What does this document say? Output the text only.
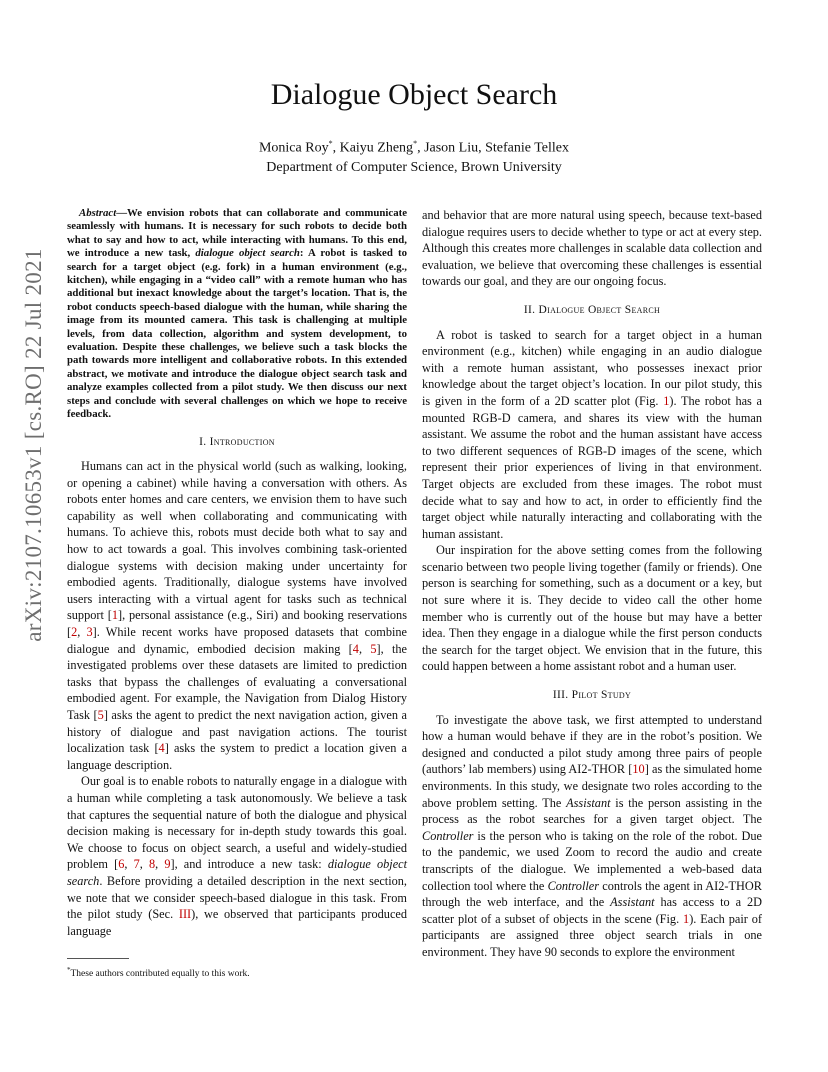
arXiv:2107.10653v1 [cs.RO] 22 Jul 2021
Dialogue Object Search
Monica Roy*, Kaiyu Zheng*, Jason Liu, Stefanie Tellex
Department of Computer Science, Brown University

Abstract—We envision robots that can collaborate and communicate seamlessly with humans. It is necessary for such robots to decide both what to say and how to act, while interacting with humans. To this end, we introduce a new task, dialogue object search: A robot is tasked to search for a target object (e.g. fork) in a human environment (e.g., kitchen), while engaging in a “video call” with a remote human who has additional but inexact knowledge about the target’s location. That is, the robot conducts speech-based dialogue with the human, while sharing the image from its mounted camera. This task is challenging at multiple levels, from data collection, algorithm and system development, to evaluation. Despite these challenges, we believe such a task blocks the path towards more intelligent and collaborative robots. In this extended abstract, we motivate and introduce the dialogue object search task and analyze examples collected from a pilot study. We then discuss our next steps and conclude with several challenges on which we hope to receive feedback.

I. Introduction

Humans can act in the physical world (such as walking, looking, or opening a cabinet) while having a conversation with others. As robots enter homes and care centers, we envision them to have such capability as well when collaborating and communicating with humans. To achieve this, robots must decide both what to say and how to act towards a goal. This involves combining task-oriented dialogue systems with decision making under uncertainty for embodied agents. Traditionally, dialogue systems have involved users interacting with a virtual agent for tasks such as technical support [1], personal assistance (e.g., Siri) and booking reservations [2, 3]. While recent works have proposed datasets that combine dialogue and dynamic, embodied decision making [4, 5], the investigated problems over these datasets are limited to prediction tasks that bypass the challenges of evaluating a conversational embodied agent. For example, the Navigation from Dialog History Task [5] asks the agent to predict the next navigation action, given a history of dialogue and past navigation actions. The tourist localization task [4] asks the system to predict a location given a language description.

Our goal is to enable robots to naturally engage in a dialogue with a human while completing a task autonomously. We believe a task that captures the sequential nature of both the dialogue and physical decision making is necessary for in-depth study towards this goal. We choose to focus on object search, a useful and widely-studied problem [6, 7, 8, 9], and introduce a new task: dialogue object search. Before providing a detailed description in the next section, we note that we consider speech-based dialogue in this task. From the pilot study (Sec. III), we observed that participants produced language

*These authors contributed equally to this work.

and behavior that are more natural using speech, because text-based dialogue requires users to decide whether to type or act at every step. Although this creates more challenges in scalable data collection and evaluation, we believe that overcoming these challenges is essential towards our goal, and they are our ongoing focus.

II. Dialogue Object Search

A robot is tasked to search for a target object in a human environment (e.g., kitchen) while engaging in an audio dialogue with a remote human assistant, who possesses inexact prior knowledge about the target object’s location. In our pilot study, this is given in the form of a 2D scatter plot (Fig. 1). The robot has a mounted RGB-D camera, and shares its view with the human assistant. We assume the robot and the human assistant have access to two different sequences of RGB-D images of the scene, which represent their prior experiences of living in that environment. Target objects are excluded from these images. The robot must decide what to say and how to act, in order to efficiently find the target object while naturally interacting and collaborating with the human assistant.

Our inspiration for the above setting comes from the following scenario between two people living together (family or friends). One person is searching for something, such as a document or a key, but not sure where it is. They decide to video call the other home member who is currently out of the house but may have a better idea. Then they engage in a dialogue while the first person conducts the search for the target object. We envision that in the future, this could happen between a home assistant robot and a human user.

III. Pilot Study

To investigate the above task, we first attempted to understand how a human would behave if they are in the robot’s position. We designed and conducted a pilot study among three pairs of people (authors’ lab members) using AI2-THOR [10] as the simulated home environments. In this study, we designate two roles according to the above problem setting. The Assistant is the person assisting in the process as the robot searches for a given target object. The Controller is the person who is taking on the role of the robot. Due to the pandemic, we used Zoom to record the audio and create transcripts of the dialogue. We implemented a web-based data collection tool where the Controller controls the agent in AI2-THOR through the web interface, and the Assistant has access to a 2D scatter plot of a subset of objects in the scene (Fig. 1). Each pair of participants are assigned three object search trials in one environment. They have 90 seconds to explore the environment
